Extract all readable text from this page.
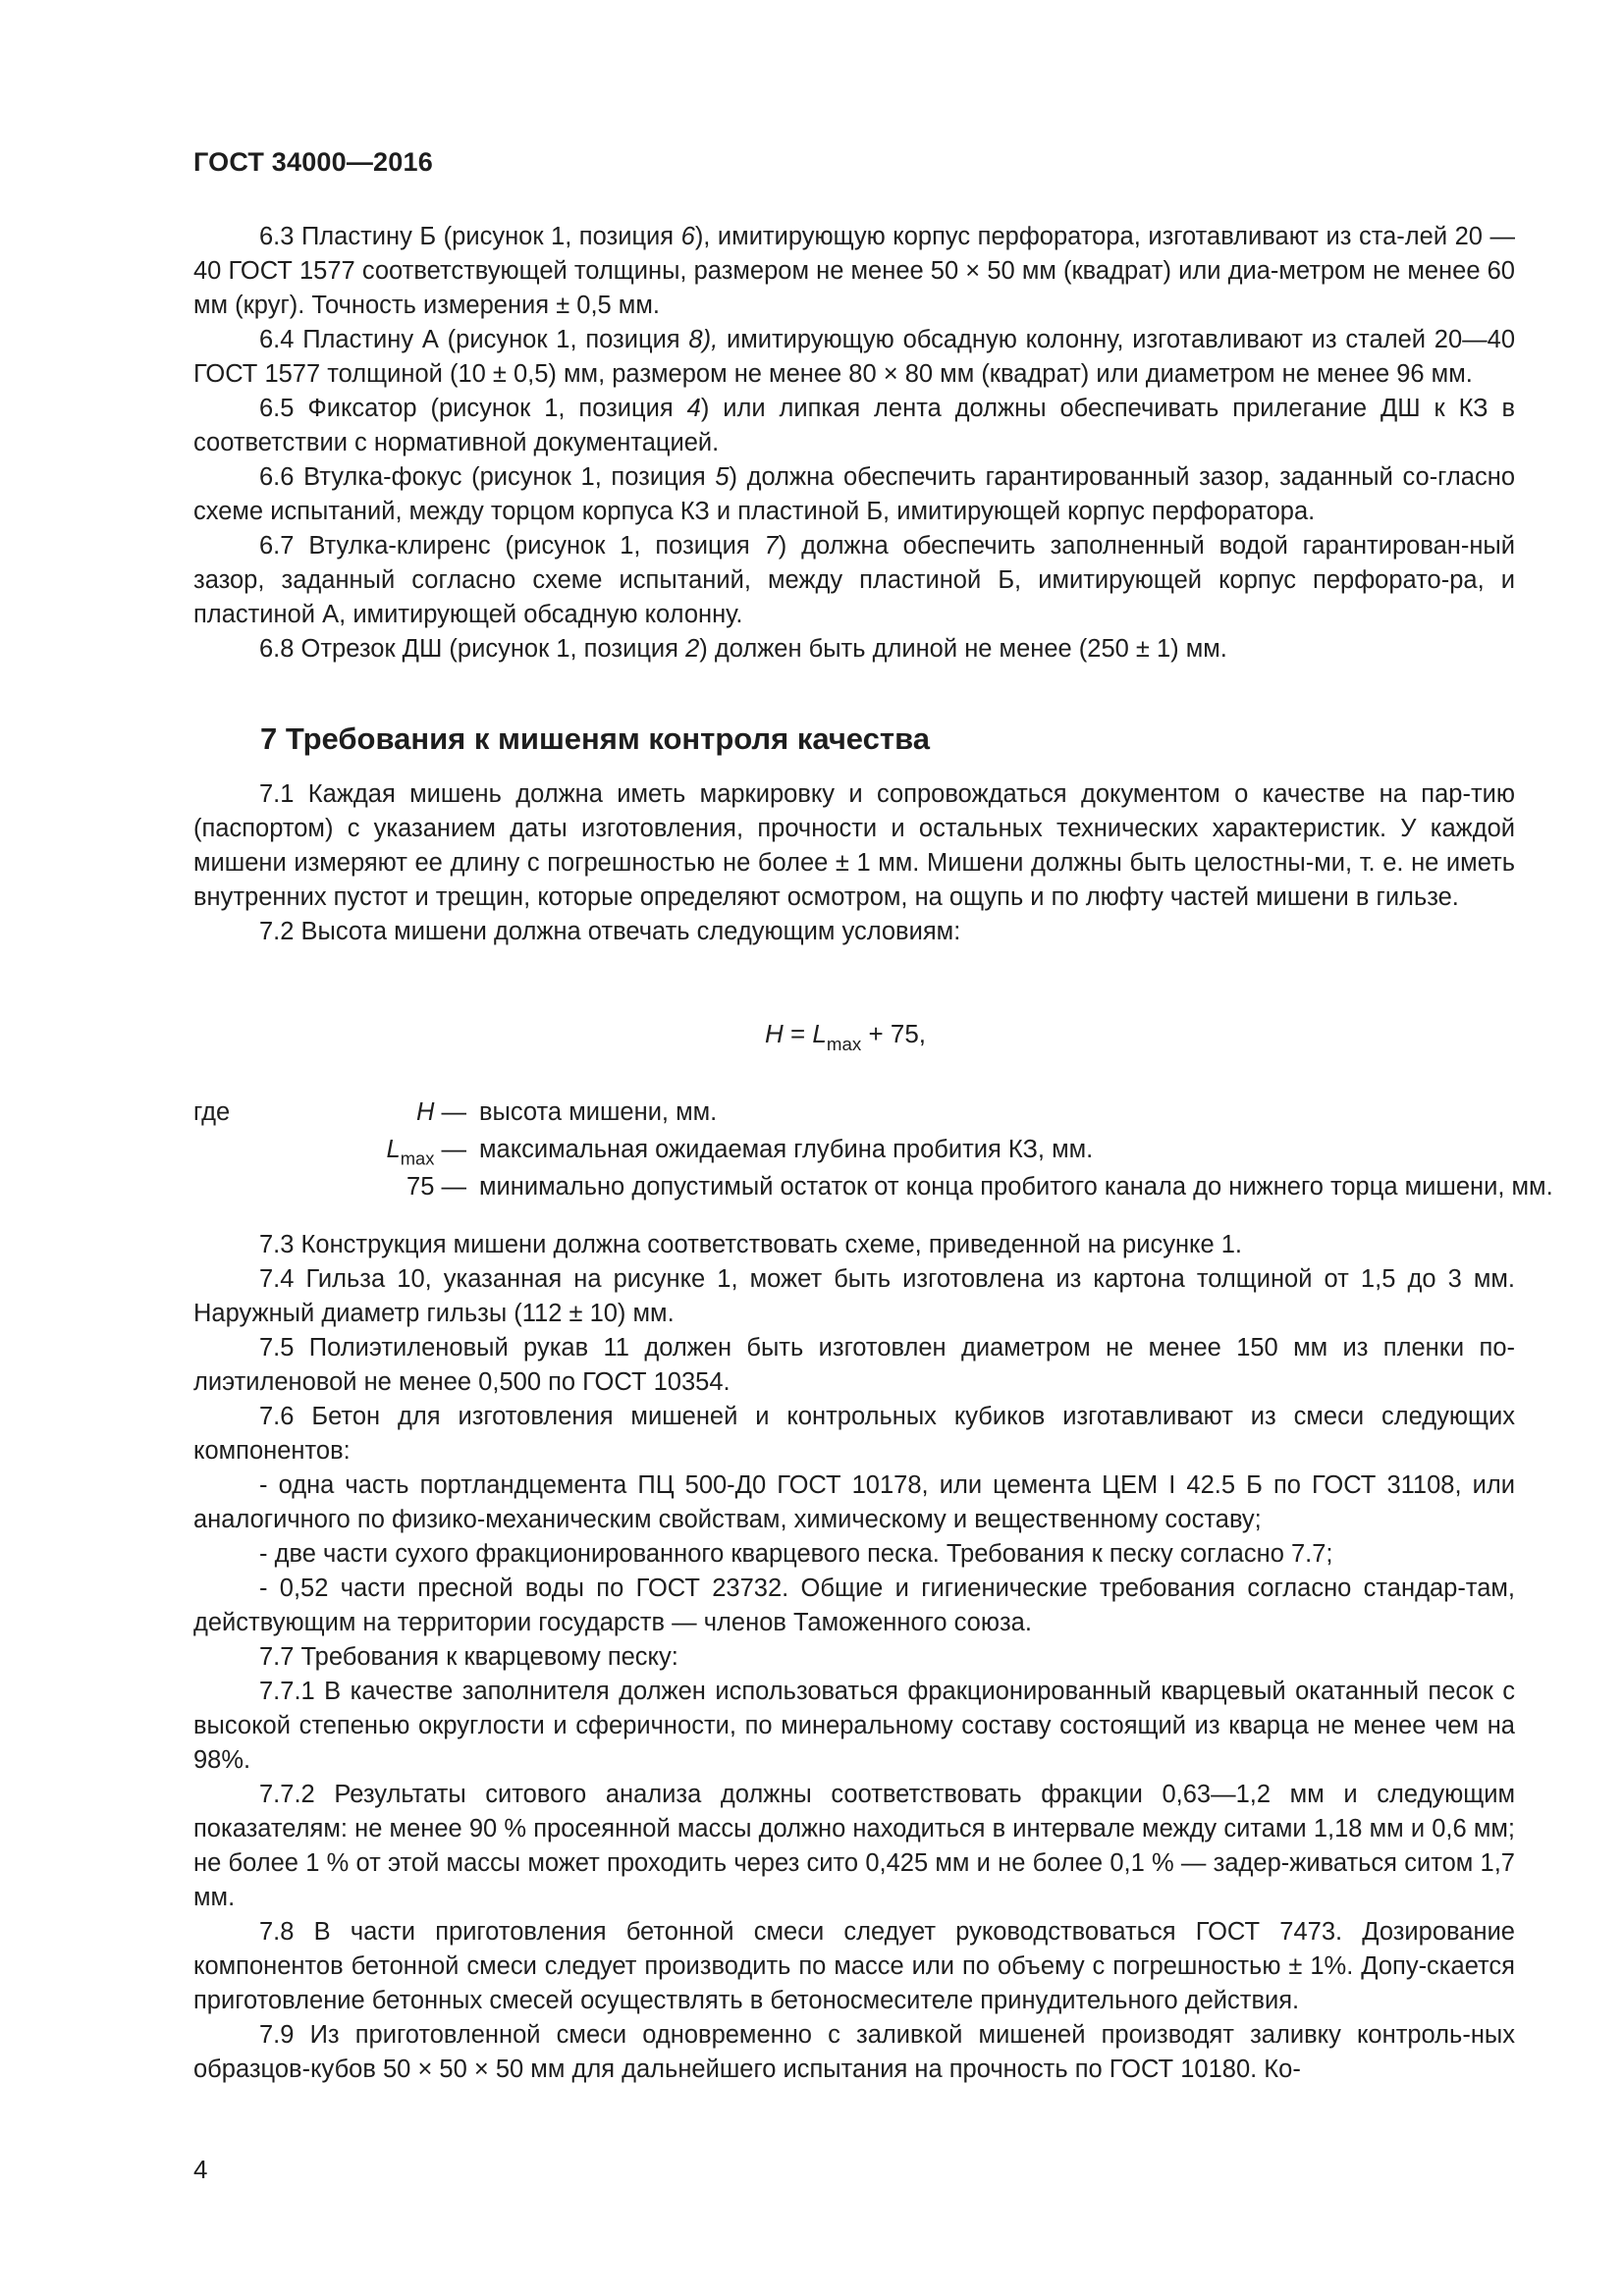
ГОСТ 34000—2016

6.3 Пластину Б (рисунок 1, позиция 6), имитирующую корпус перфоратора, изготавливают из ста-лей 20 — 40 ГОСТ 1577 соответствующей толщины, размером не менее 50 × 50 мм (квадрат) или диа-метром не менее 60 мм (круг). Точность измерения ± 0,5 мм.

6.4 Пластину А (рисунок 1, позиция 8), имитирующую обсадную колонну, изготавливают из сталей 20—40 ГОСТ 1577 толщиной (10 ± 0,5) мм, размером не менее 80 × 80 мм (квадрат) или диаметром не менее 96 мм.

6.5 Фиксатор (рисунок 1, позиция 4) или липкая лента должны обеспечивать прилегание ДШ к КЗ в соответствии с нормативной документацией.

6.6 Втулка-фокус (рисунок 1, позиция 5) должна обеспечить гарантированный зазор, заданный со-гласно схеме испытаний, между торцом корпуса КЗ и пластиной Б, имитирующей корпус перфоратора.

6.7 Втулка-клиренс (рисунок 1, позиция 7) должна обеспечить заполненный водой гарантирован-ный зазор, заданный согласно схеме испытаний, между пластиной Б, имитирующей корпус перфорато-ра, и пластиной А, имитирующей обсадную колонну.

6.8 Отрезок ДШ (рисунок 1, позиция 2) должен быть длиной не менее (250 ± 1) мм.

7 Требования к мишеням контроля качества

7.1 Каждая мишень должна иметь маркировку и сопровождаться документом о качестве на пар-тию (паспортом) с указанием даты изготовления, прочности и остальных технических характеристик. У каждой мишени измеряют ее длину с погрешностью не более ± 1 мм. Мишени должны быть целостны-ми, т. е. не иметь внутренних пустот и трещин, которые определяют осмотром, на ощупь и по люфту частей мишени в гильзе.

7.2 Высота мишени должна отвечать следующим условиям:

$H = L_{max} + 75$,
где	H — высота мишени, мм.
$L_{max}$ — максимальная ожидаемая глубина пробития КЗ, мм.
75 — минимально допустимый остаток от конца пробитого канала до нижнего торца мишени, мм.

7.3 Конструкция мишени должна соответствовать схеме, приведенной на рисунке 1.

7.4 Гильза 10, указанная на рисунке 1, может быть изготовлена из картона толщиной от 1,5 до 3 мм. Наружный диаметр гильзы (112 ± 10) мм.

7.5 Полиэтиленовый рукав 11 должен быть изготовлен диаметром не менее 150 мм из пленки по-лиэтиленовой не менее 0,500 по ГОСТ 10354.

7.6 Бетон для изготовления мишеней и контрольных кубиков изготавливают из смеси следующих компонентов:

- одна часть портландцемента ПЦ 500-Д0 ГОСТ 10178, или цемента ЦЕМ I 42.5 Б по ГОСТ 31108, или аналогичного по физико-механическим свойствам, химическому и вещественному составу;

- две части сухого фракционированного кварцевого песка. Требования к песку согласно 7.7;

- 0,52 части пресной воды по ГОСТ 23732. Общие и гигиенические требования согласно стандар-там, действующим на территории государств — членов Таможенного союза.

7.7 Требования к кварцевому песку:

7.7.1 В качестве заполнителя должен использоваться фракционированный кварцевый окатанный песок с высокой степенью округлости и сферичности, по минеральному составу состоящий из кварца не менее чем на 98%.

7.7.2 Результаты ситового анализа должны соответствовать фракции 0,63—1,2 мм и следующим показателям: не менее 90 % просеянной массы должно находиться в интервале между ситами 1,18 мм и 0,6 мм; не более 1 % от этой массы может проходить через сито 0,425 мм и не более 0,1 % — задер-живаться ситом 1,7 мм.

7.8 В части приготовления бетонной смеси следует руководствоваться ГОСТ 7473. Дозирование компонентов бетонной смеси следует производить по массе или по объему с погрешностью ± 1%. Допу-скается приготовление бетонных смесей осуществлять в бетоносмесителе принудительного действия.

7.9 Из приготовленной смеси одновременно с заливкой мишеней производят заливку контроль-ных образцов-кубов 50 × 50 × 50 мм для дальнейшего испытания на прочность по ГОСТ 10180. Ко-

4
